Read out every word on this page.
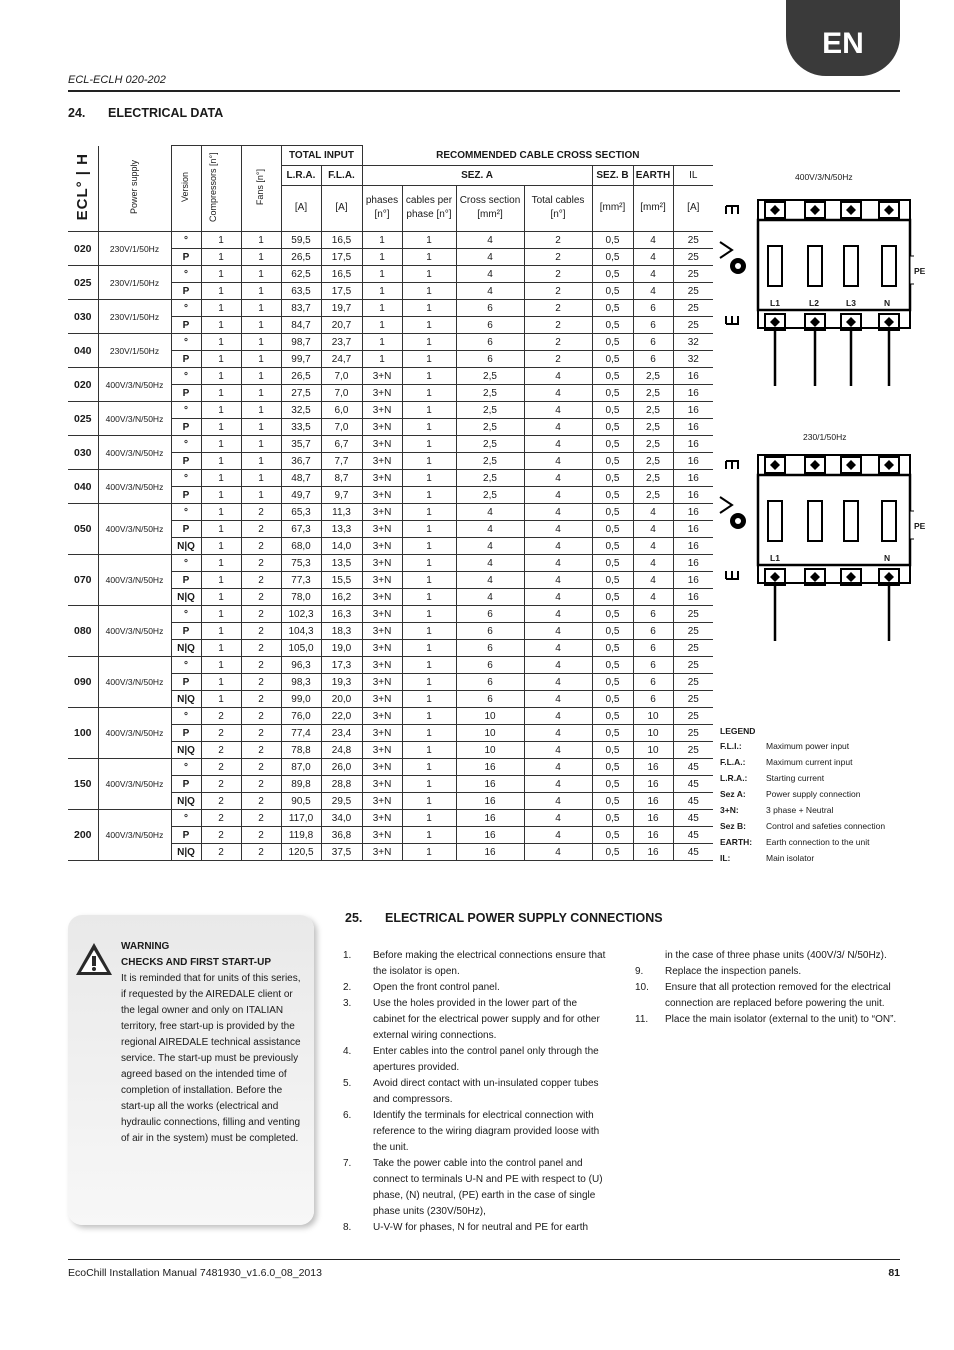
EN
ECL-ECLH 020-202
24. ELECTRICAL DATA
ECL° | H	Power supply	Version	Compressors [n°]	Fans [n°]	TOTAL INPUT		RECOMMENDED CABLE CROSS SECTION						
					L.R.A.	F.L.A.	SEZ. A				SEZ. B	EARTH	IL
					[A]	[A]	phases [n°]	cables per phase [n°]	Cross section [mm²]	Total cables [n°]	[mm²]	[mm²]	[A]
020	230V/1/50Hz	°	1	1	59,5	16,5	1	1	4	2	0,5	4	25
		P	1	1	26,5	17,5	1	1	4	2	0,5	4	25
025	230V/1/50Hz	°	1	1	62,5	16,5	1	1	4	2	0,5	4	25
		P	1	1	63,5	17,5	1	1	4	2	0,5	4	25
030	230V/1/50Hz	°	1	1	83,7	19,7	1	1	6	2	0,5	6	25
		P	1	1	84,7	20,7	1	1	6	2	0,5	6	25
040	230V/1/50Hz	°	1	1	98,7	23,7	1	1	6	2	0,5	6	32
		P	1	1	99,7	24,7	1	1	6	2	0,5	6	32
020	400V/3/N/50Hz	°	1	1	26,5	7,0	3+N	1	2,5	4	0,5	2,5	16
		P	1	1	27,5	7,0	3+N	1	2,5	4	0,5	2,5	16
025	400V/3/N/50Hz	°	1	1	32,5	6,0	3+N	1	2,5	4	0,5	2,5	16
		P	1	1	33,5	7,0	3+N	1	2,5	4	0,5	2,5	16
030	400V/3/N/50Hz	°	1	1	35,7	6,7	3+N	1	2,5	4	0,5	2,5	16
		P	1	1	36,7	7,7	3+N	1	2,5	4	0,5	2,5	16
040	400V/3/N/50Hz	°	1	1	48,7	8,7	3+N	1	2,5	4	0,5	2,5	16
		P	1	1	49,7	9,7	3+N	1	2,5	4	0,5	2,5	16
050	400V/3/N/50Hz	°	1	2	65,3	11,3	3+N	1	4	4	0,5	4	16
		P	1	2	67,3	13,3	3+N	1	4	4	0,5	4	16
		N|Q	1	2	68,0	14,0	3+N	1	4	4	0,5	4	16
070	400V/3/N/50Hz	°	1	2	75,3	13,5	3+N	1	4	4	0,5	4	16
		P	1	2	77,3	15,5	3+N	1	4	4	0,5	4	16
		N|Q	1	2	78,0	16,2	3+N	1	4	4	0,5	4	16
080	400V/3/N/50Hz	°	1	2	102,3	16,3	3+N	1	6	4	0,5	6	25
		P	1	2	104,3	18,3	3+N	1	6	4	0,5	6	25
		N|Q	1	2	105,0	19,0	3+N	1	6	4	0,5	6	25
090	400V/3/N/50Hz	°	1	2	96,3	17,3	3+N	1	6	4	0,5	6	25
		P	1	2	98,3	19,3	3+N	1	6	4	0,5	6	25
		N|Q	1	2	99,0	20,0	3+N	1	6	4	0,5	6	25
100	400V/3/N/50Hz	°	2	2	76,0	22,0	3+N	1	10	4	0,5	10	25
		P	2	2	77,4	23,4	3+N	1	10	4	0,5	10	25
		N|Q	2	2	78,8	24,8	3+N	1	10	4	0,5	10	25
150	400V/3/N/50Hz	°	2	2	87,0	26,0	3+N	1	16	4	0,5	16	45
		P	2	2	89,8	28,8	3+N	1	16	4	0,5	16	45
		N|Q	2	2	90,5	29,5	3+N	1	16	4	0,5	16	45
200	400V/3/N/50Hz	°	2	2	117,0	34,0	3+N	1	16	4	0,5	16	45
		P	2	2	119,8	36,8	3+N	1	16	4	0,5	16	45
		N|Q	2	2	120,5	37,5	3+N	1	16	4	0,5	16	45
400V/3/N/50Hz
L1	L2	L3	N
PE
230/1/50Hz
L1	N
PE
LEGEND
F.L.I.:	Maximum power input
F.L.A.:	Maximum current input
L.R.A.:	Starting current
Sez A:	Power supply connection
3+N:	3 phase + Neutral
Sez B:	Control and safeties connection
EARTH:	Earth connection to the unit
IL:	Main isolator
WARNING
CHECKS AND FIRST START-UP
It is reminded that for units of this series, if requested by the AIREDALE client or the legal owner and only on ITALIAN territory, free start-up is provided by the regional AIREDALE technical assistance service. The start-up must be previously agreed based on the intended time of completion of installation. Before the start-up all the works (electrical and hydraulic connections, filling and venting of air in the system) must be completed.
25. ELECTRICAL POWER SUPPLY CONNECTIONS
1.	Before making the electrical connections ensure that the isolator is open.
2.	Open the front control panel.
3.	Use the holes provided in the lower part of the cabinet for the electrical power supply and for other external wiring connections.
4.	Enter cables into the control panel only through the apertures provided.
5.	Avoid direct contact with un-insulated copper tubes and compressors.
6.	Identify the terminals for electrical connection with reference to the wiring diagram provided loose with the unit.
7.	Take the power cable into the control panel and connect to terminals U-N and PE with respect to (U) phase, (N) neutral, (PE) earth in the case of single phase units (230V/50Hz),
8.	U-V-W for phases, N for neutral and PE for earth
in the case of three phase units (400V/3/ N/50Hz).
9.	Replace the inspection panels.
10.	Ensure that all protection removed for the electrical connection are replaced before powering the unit.
11.	Place the main isolator (external to the unit) to “ON”.
EcoChill Installation Manual 7481930_v1.6.0_08_2013	81
